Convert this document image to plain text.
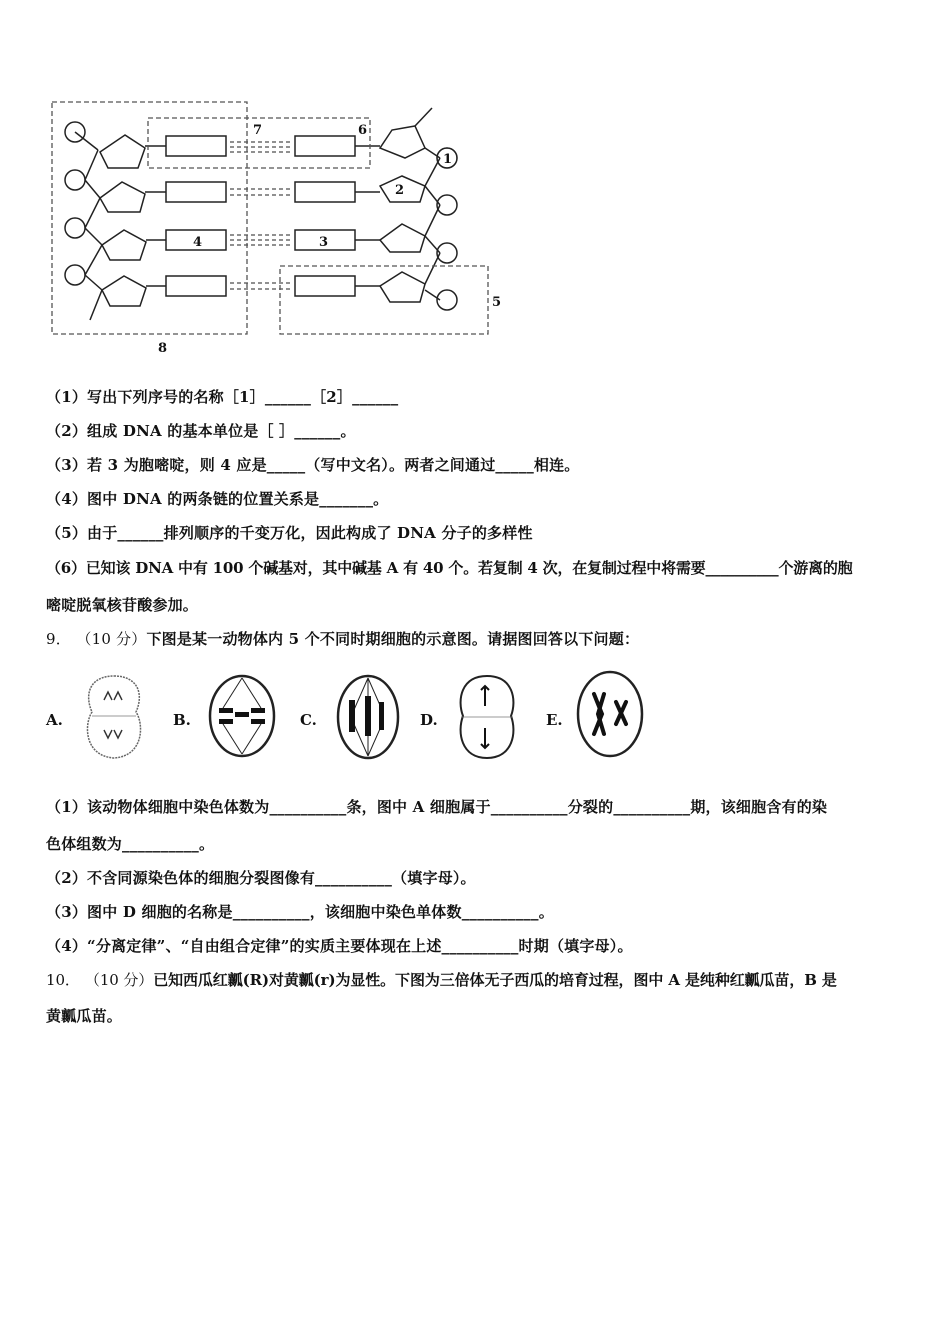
7	6
1
2
3
4
5
8
（1）写出下列序号的名称［1］______［2］______
（2）组成 DNA 的基本单位是［ ］______。
（3）若 3 为胞嘧啶，则 4 应是_____（写中文名）。两者之间通过_____相连。
（4）图中 DNA 的两条链的位置关系是_______。
（5）由于______排列顺序的千变万化，因此构成了 DNA 分子的多样性
（6）已知该 DNA 中有 100 个碱基对，其中碱基 A 有 40 个。若复制 4 次，在复制过程中将需要__________个游离的胞
嘧啶脱氧核苷酸参加。
9． （10 分）下图是某一动物体内 5 个不同时期细胞的示意图。请据图回答以下问题：
A.	B.	C.	D.	E.
（1）该动物体细胞中染色体数为__________条，图中 A 细胞属于__________分裂的__________期，该细胞含有的染
色体组数为__________。
（2）不含同源染色体的细胞分裂图像有__________（填字母）。
（3）图中 D 细胞的名称是__________，该细胞中染色单体数__________。
（4）“分离定律”、“自由组合定律”的实质主要体现在上述__________时期（填字母）。
10． （10 分）已知西瓜红瓤(R)对黄瓤(r)为显性。下图为三倍体无子西瓜的培育过程，图中 A 是纯种红瓤瓜苗，B 是
黄瓤瓜苗。
